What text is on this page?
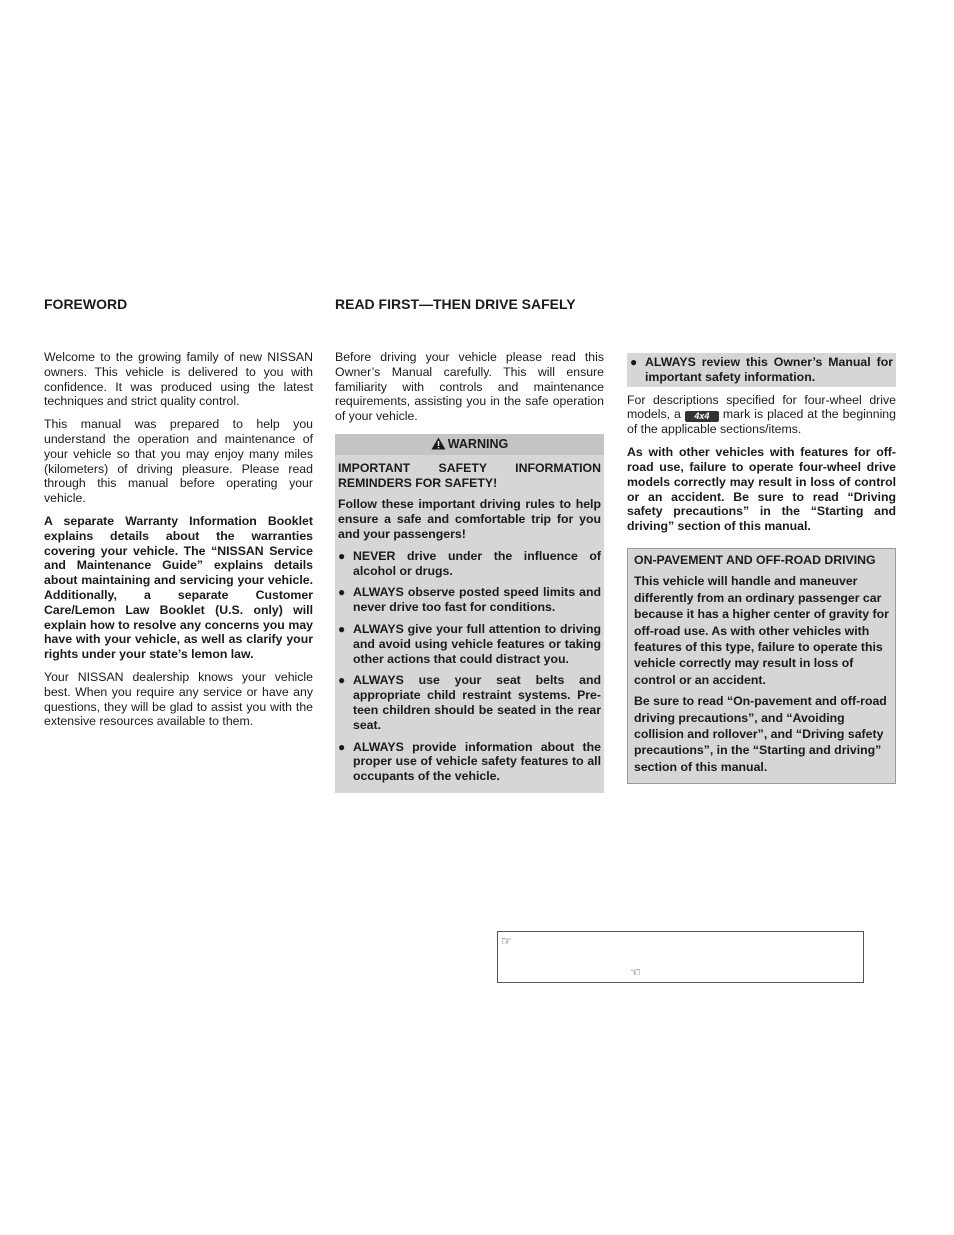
FOREWORD	READ FIRST—THEN DRIVE SAFELY

Welcome to the growing family of new NISSAN owners. This vehicle is delivered to you with confidence. It was produced using the latest techniques and strict quality control.

This manual was prepared to help you understand the operation and maintenance of your vehicle so that you may enjoy many miles (kilometers) of driving pleasure. Please read through this manual before operating your vehicle.

A separate Warranty Information Booklet explains details about the warranties covering your vehicle. The “NISSAN Service and Maintenance Guide” explains details about maintaining and servicing your vehicle. Additionally, a separate Customer Care/Lemon Law Booklet (U.S. only) will explain how to resolve any concerns you may have with your vehicle, as well as clarify your rights under your state’s lemon law.

Your NISSAN dealership knows your vehicle best. When you require any service or have any questions, they will be glad to assist you with the extensive resources available to them.

Before driving your vehicle please read this Owner’s Manual carefully. This will ensure familiarity with controls and maintenance requirements, assisting you in the safe operation of your vehicle.

WARNING

IMPORTANT SAFETY INFORMATION REMINDERS FOR SAFETY!

Follow these important driving rules to help ensure a safe and comfortable trip for you and your passengers!

● NEVER drive under the influence of alcohol or drugs.
● ALWAYS observe posted speed limits and never drive too fast for conditions.
● ALWAYS give your full attention to driving and avoid using vehicle features or taking other actions that could distract you.
● ALWAYS use your seat belts and appropriate child restraint systems. Pre-teen children should be seated in the rear seat.
● ALWAYS provide information about the proper use of vehicle safety features to all occupants of the vehicle.
● ALWAYS review this Owner’s Manual for important safety information.

For descriptions specified for four-wheel drive models, a 4x4 mark is placed at the beginning of the applicable sections/items.

As with other vehicles with features for off-road use, failure to operate four-wheel drive models correctly may result in loss of control or an accident. Be sure to read “Driving safety precautions” in the “Starting and driving” section of this manual.

ON-PAVEMENT AND OFF-ROAD DRIVING

This vehicle will handle and maneuver differently from an ordinary passenger car because it has a higher center of gravity for off-road use. As with other vehicles with features of this type, failure to operate this vehicle correctly may result in loss of control or an accident.

Be sure to read “On-pavement and off-road driving precautions”, and “Avoiding collision and rollover”, and “Driving safety precautions”, in the “Starting and driving” section of this manual.

☞
☜
